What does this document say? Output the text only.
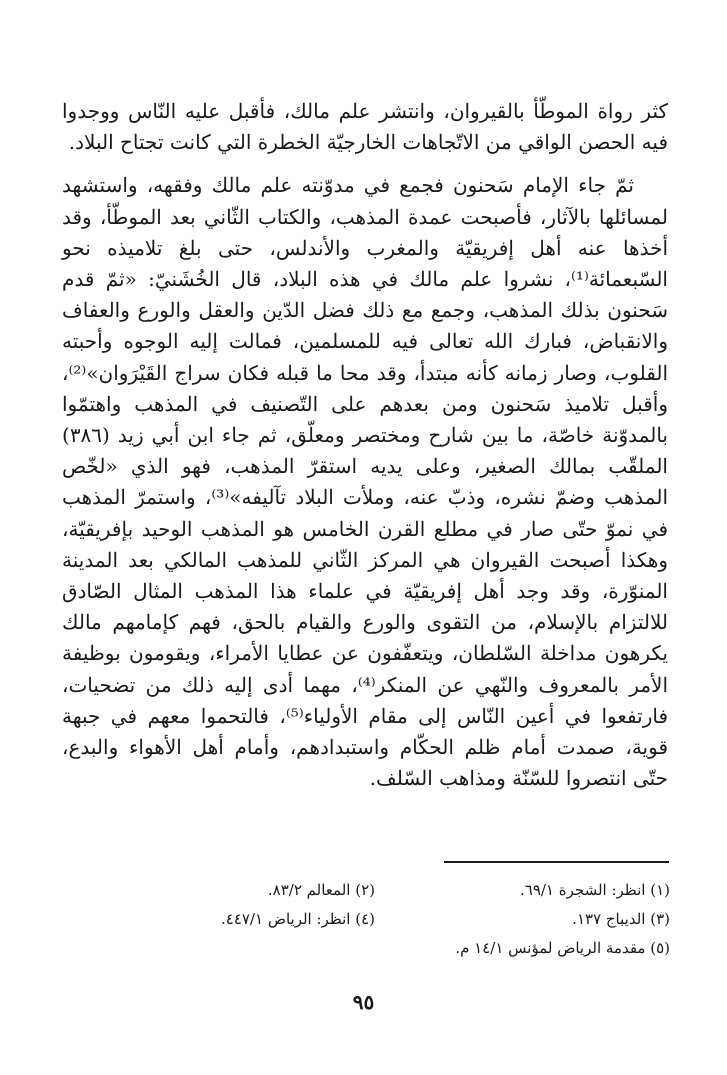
كثر رواة الموطّأ بالقيروان، وانتشر علم مالك، فأقبل عليه النّاس ووجدوا فيه الحصن الواقي من الاتّجاهات الخارجيّة الخطرة التي كانت تجتاح البلاد.

ثمّ جاء الإمام سَحنون فجمع في مدوّنته علم مالك وفقهه، واستشهد لمسائلها بالآثار، فأصبحت عمدة المذهب، والكتاب الثّاني بعد الموطّأ، وقد أخذها عنه أهل إفريقيّة والمغرب والأندلس، حتى بلغ تلاميذه نحو السّبعمائة⁽¹⁾، نشروا علم مالك في هذه البلاد، قال الخُشَنيّ: «ثمّ قدم سَحنون بذلك المذهب، وجمع مع ذلك فضل الدّين والعقل والورع والعفاف والانقباض، فبارك الله تعالى فيه للمسلمين، فمالت إليه الوجوه وأحبته القلوب، وصار زمانه كأنه مبتدأ، وقد محا ما قبله فكان سراج القَيْرَوان»⁽²⁾، وأقبل تلاميذ سَحنون ومن بعدهم على التّصنيف في المذهب واهتمّوا بالمدوّنة خاصّة، ما بين شارح ومختصر ومعلّق، ثم جاء ابن أبي زيد (٣٨٦) الملقّب بمالك الصغير، وعلى يديه استقرّ المذهب، فهو الذي «لخّص المذهب وضمّ نشره، وذبّ عنه، وملأت البلاد تآليفه»⁽³⁾، واستمرّ المذهب في نموّ حتّى صار في مطلع القرن الخامس هو المذهب الوحيد بإفريقيّة، وهكذا أصبحت القيروان هي المركز الثّاني للمذهب المالكي بعد المدينة المنوّرة، وقد وجد أهل إفريقيّة في علماء هذا المذهب المثال الصّادق للالتزام بالإسلام، من التقوى والورع والقيام بالحق، فهم كإمامهم مالك يكرهون مداخلة السّلطان، ويتعفّفون عن عطايا الأمراء، ويقومون بوظيفة الأمر بالمعروف والنّهي عن المنكر⁽⁴⁾، مهما أدى إليه ذلك من تضحيات، فارتفعوا في أعين النّاس إلى مقام الأولياء⁽⁵⁾، فالتحموا معهم في جبهة قوية، صمدت أمام ظلم الحكّام واستبدادهم، وأمام أهل الأهواء والبدع، حتّى انتصروا للسّنّة ومذاهب السّلف.

(١) انظر: الشجرة ٦٩/١.
(٢) المعالم ٨٣/٢.
(٣) الديباج ١٣٧.
(٤) انظر: الرياض ٤٤٧/١.
(٥) مقدمة الرياض لمؤنس ١٤/١ م.
٩٥
